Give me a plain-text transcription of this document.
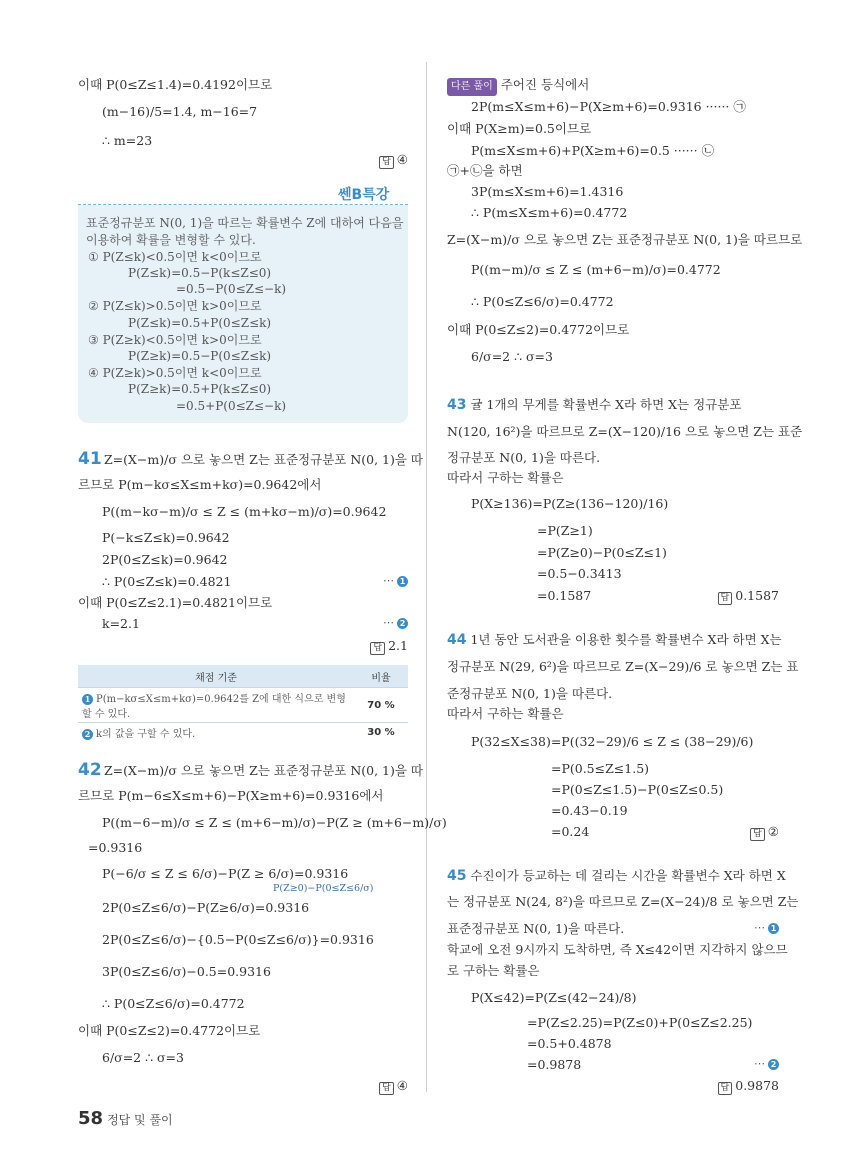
이때 P(0≤Z≤1.4)=0.4192이므로
(m−16)/5=1.4, m−16=7
∴ m=23
답 ④
쎈B특강
표준정규분포 N(0, 1)을 따르는 확률변수 Z에 대하여 다음을
이용하여 확률을 변형할 수 있다.
① P(Z≤k)<0.5이면 k<0이므로
P(Z≤k)=0.5−P(k≤Z≤0)
=0.5−P(0≤Z≤−k)
② P(Z≤k)>0.5이면 k>0이므로
P(Z≤k)=0.5+P(0≤Z≤k)
③ P(Z≥k)<0.5이면 k>0이므로
P(Z≥k)=0.5−P(0≤Z≤k)
④ P(Z≥k)>0.5이면 k<0이므로
P(Z≥k)=0.5+P(k≤Z≤0)
=0.5+P(0≤Z≤−k)
41 Z=(X−m)/σ 으로 놓으면 Z는 표준정규분포 N(0, 1)을 따
르므로 P(m−kσ≤X≤m+kσ)=0.9642에서
P((m−kσ−m)/σ ≤ Z ≤ (m+kσ−m)/σ)=0.9642
P(−k≤Z≤k)=0.9642
2P(0≤Z≤k)=0.9642
∴ P(0≤Z≤k)=0.4821	⋯ 1
이때 P(0≤Z≤2.1)=0.4821이므로
k=2.1	⋯ 2
답 2.1
채점 기준	비율
1 P(m−kσ≤X≤m+kσ)=0.9642를 Z에 대한 식으로 변형할 수 있다.	70 %
2 k의 값을 구할 수 있다.	30 %
42 Z=(X−m)/σ 으로 놓으면 Z는 표준정규분포 N(0, 1)을 따
르므로 P(m−6≤X≤m+6)−P(X≥m+6)=0.9316에서
P((m−6−m)/σ ≤ Z ≤ (m+6−m)/σ)−P(Z ≥ (m+6−m)/σ)
=0.9316
P(−6/σ ≤ Z ≤ 6/σ)−P(Z ≥ 6/σ)=0.9316
P(Z≥0)−P(0≤Z≤6/σ)
2P(0≤Z≤6/σ)−P(Z≥6/σ)=0.9316
2P(0≤Z≤6/σ)−{0.5−P(0≤Z≤6/σ)}=0.9316
3P(0≤Z≤6/σ)−0.5=0.9316
∴ P(0≤Z≤6/σ)=0.4772
이때 P(0≤Z≤2)=0.4772이므로
6/σ=2 ∴ σ=3
답 ④
다른 풀이 주어진 등식에서
2P(m≤X≤m+6)−P(X≥m+6)=0.9316 ······ ㉠
이때 P(X≥m)=0.5이므로
P(m≤X≤m+6)+P(X≥m+6)=0.5 ······ ㉡
㉠+㉡을 하면
3P(m≤X≤m+6)=1.4316
∴ P(m≤X≤m+6)=0.4772
Z=(X−m)/σ 으로 놓으면 Z는 표준정규분포 N(0, 1)을 따르므로
P((m−m)/σ ≤ Z ≤ (m+6−m)/σ)=0.4772
∴ P(0≤Z≤6/σ)=0.4772
이때 P(0≤Z≤2)=0.4772이므로
6/σ=2 ∴ σ=3
43 귤 1개의 무게를 확률변수 X라 하면 X는 정규분포
N(120, 16²)을 따르므로 Z=(X−120)/16 으로 놓으면 Z는 표준
정규분포 N(0, 1)을 따른다.
따라서 구하는 확률은
P(X≥136)=P(Z≥(136−120)/16)
=P(Z≥1)
=P(Z≥0)−P(0≤Z≤1)
=0.5−0.3413
=0.1587	답 0.1587
44 1년 동안 도서관을 이용한 횟수를 확률변수 X라 하면 X는
정규분포 N(29, 6²)을 따르므로 Z=(X−29)/6 로 놓으면 Z는 표
준정규분포 N(0, 1)을 따른다.
따라서 구하는 확률은
P(32≤X≤38)=P((32−29)/6 ≤ Z ≤ (38−29)/6)
=P(0.5≤Z≤1.5)
=P(0≤Z≤1.5)−P(0≤Z≤0.5)
=0.43−0.19
=0.24	답 ②
45 수진이가 등교하는 데 걸리는 시간을 확률변수 X라 하면 X
는 정규분포 N(24, 8²)을 따르므로 Z=(X−24)/8 로 놓으면 Z는
표준정규분포 N(0, 1)을 따른다.	⋯ 1
학교에 오전 9시까지 도착하면, 즉 X≤42이면 지각하지 않으므
로 구하는 확률은
P(X≤42)=P(Z≤(42−24)/8)
=P(Z≤2.25)=P(Z≤0)+P(0≤Z≤2.25)
=0.5+0.4878
=0.9878	⋯ 2
답 0.9878
58 정답 및 풀이
